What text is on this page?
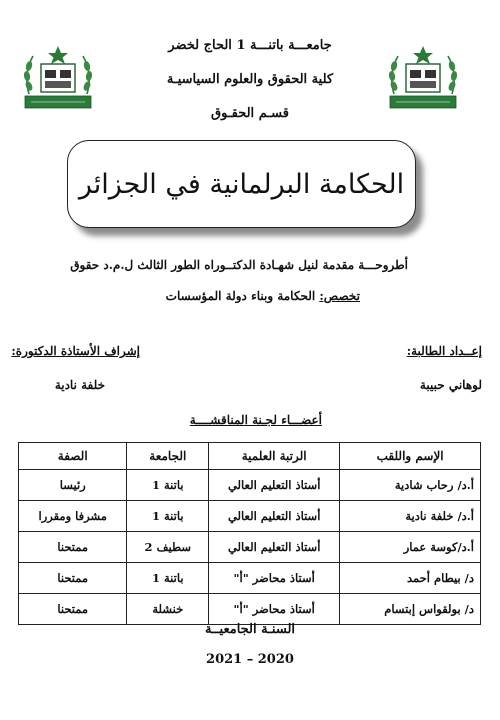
جامعـــة باتنـــة 1 الحاج لخضر
كلية الحقوق والعلوم السياسيـة
قسـم الحقـوق
الحكامة البرلمانية في الجزائر
أطروحـــة مقدمة لنيل شهـادة الدكتــوراه الطور الثالث ل.م.د حقوق
تخصص: الحكامة وبناء دولة المؤسسات
إعــداد الطالبة:
لوهاني حبيبة
إشراف الأستاذة الدكتورة:
خلفة نادية
أعضـــاء لجـنة المناقشــــة
الإسم واللقب	الرتبة العلمية	الجامعة	الصفة
أ.د/ رحاب شادية	أستاذ التعليم العالي	باتنة 1	رئيسا
أ.د/ خلفة نادية	أستاذ التعليم العالي	باتنة 1	مشرفا ومقررا
أ.د/كوسة عمار	أستاذ التعليم العالي	سطيف 2	ممتحنا
د/ بيطام أحمد	أستاذ محاضر "أ"	باتنة 1	ممتحنا
د/ بولقواس إبتسام	أستاذ محاضر "أ"	خنشلة	ممتحنا
السنـة الجامعيــة
2021 – 2020
